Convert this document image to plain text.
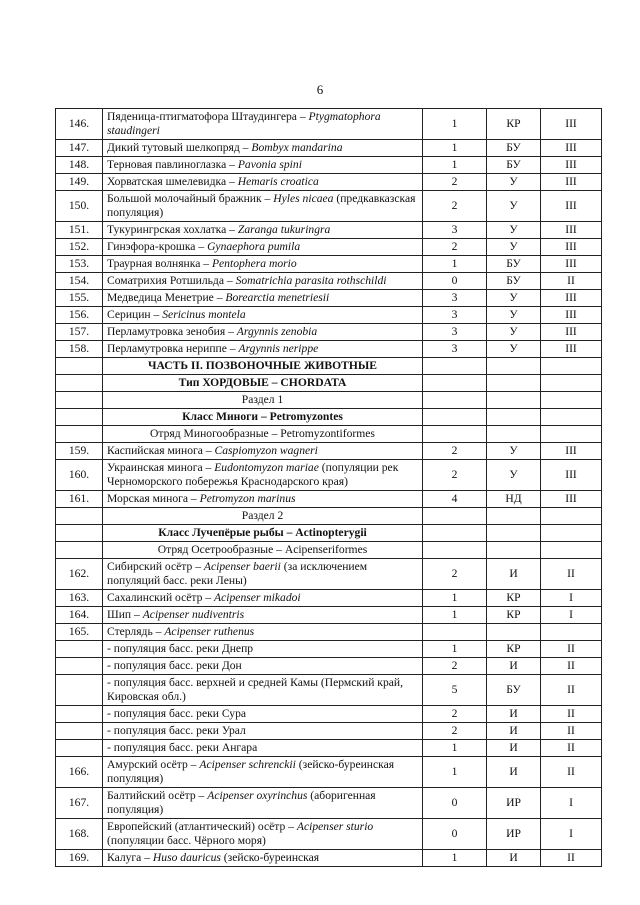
6
146.	Пяденица-птигматофора Штаудингера – Ptygmatophora staudingeri	1	КР	III
147.	Дикий тутовый шелкопряд – Bombyx mandarina	1	БУ	III
148.	Терновая павлиноглазка – Pavonia spini	1	БУ	III
149.	Хорватская шмелевидка – Hemaris croatica	2	У	III
150.	Большой молочайный бражник – Hyles nicaea (предкавказская популяция)	2	У	III
151.	Тукурингрская хохлатка – Zaranga tukuringra	3	У	III
152.	Гинэфора-крошка – Gynaephora pumila	2	У	III
153.	Траурная волнянка – Pentophera morio	1	БУ	III
154.	Соматрихия Ротшильда – Somatrichia parasita rothschildi	0	БУ	II
155.	Медведица Менетрие – Borearctia menetriesii	3	У	III
156.	Серицин – Sericinus montela	3	У	III
157.	Перламутровка зенобия – Argynnis zenobia	3	У	III
158.	Перламутровка нериппе – Argynnis nerippe	3	У	III
	ЧАСТЬ II. ПОЗВОНОЧНЫЕ ЖИВОТНЫЕ			
	Тип ХОРДОВЫЕ – CHORDATA			
	Раздел 1			
	Класс Миноги – Petromyzontes			
	Отряд Миногообразные – Petromyzontiformes			
159.	Каспийская минога – Caspiomyzon wagneri	2	У	III
160.	Украинская минога – Eudontomyzon mariae (популяции рек Черноморского побережья Краснодарского края)	2	У	III
161.	Морская минога – Petromyzon marinus	4	НД	III
	Раздел 2			
	Класс Лучепёрые рыбы – Actinopterygii			
	Отряд Осетрообразные – Acipenseriformes			
162.	Сибирский осётр – Acipenser baerii (за исключением популяций басс. реки Лены)	2	И	II
163.	Сахалинский осётр – Acipenser mikadoi	1	КР	I
164.	Шип – Acipenser nudiventris	1	КР	I
165.	Стерлядь – Acipenser ruthenus			
	- популяция басс. реки Днепр	1	КР	II
	- популяция басс. реки Дон	2	И	II
	- популяция басс. верхней и средней Камы (Пермский край, Кировская обл.)	5	БУ	II
	- популяция басс. реки Сура	2	И	II
	- популяция басс. реки Урал	2	И	II
	- популяция басс. реки Ангара	1	И	II
166.	Амурский осётр – Acipenser schrenckii (зейско-буреинская популяция)	1	И	II
167.	Балтийский осётр – Acipenser oxyrinchus (аборигенная популяция)	0	ИР	I
168.	Европейский (атлантический) осётр – Acipenser sturio (популяции басс. Чёрного моря)	0	ИР	I
169.	Калуга – Huso dauricus (зейско-буреинская	1	И	II
